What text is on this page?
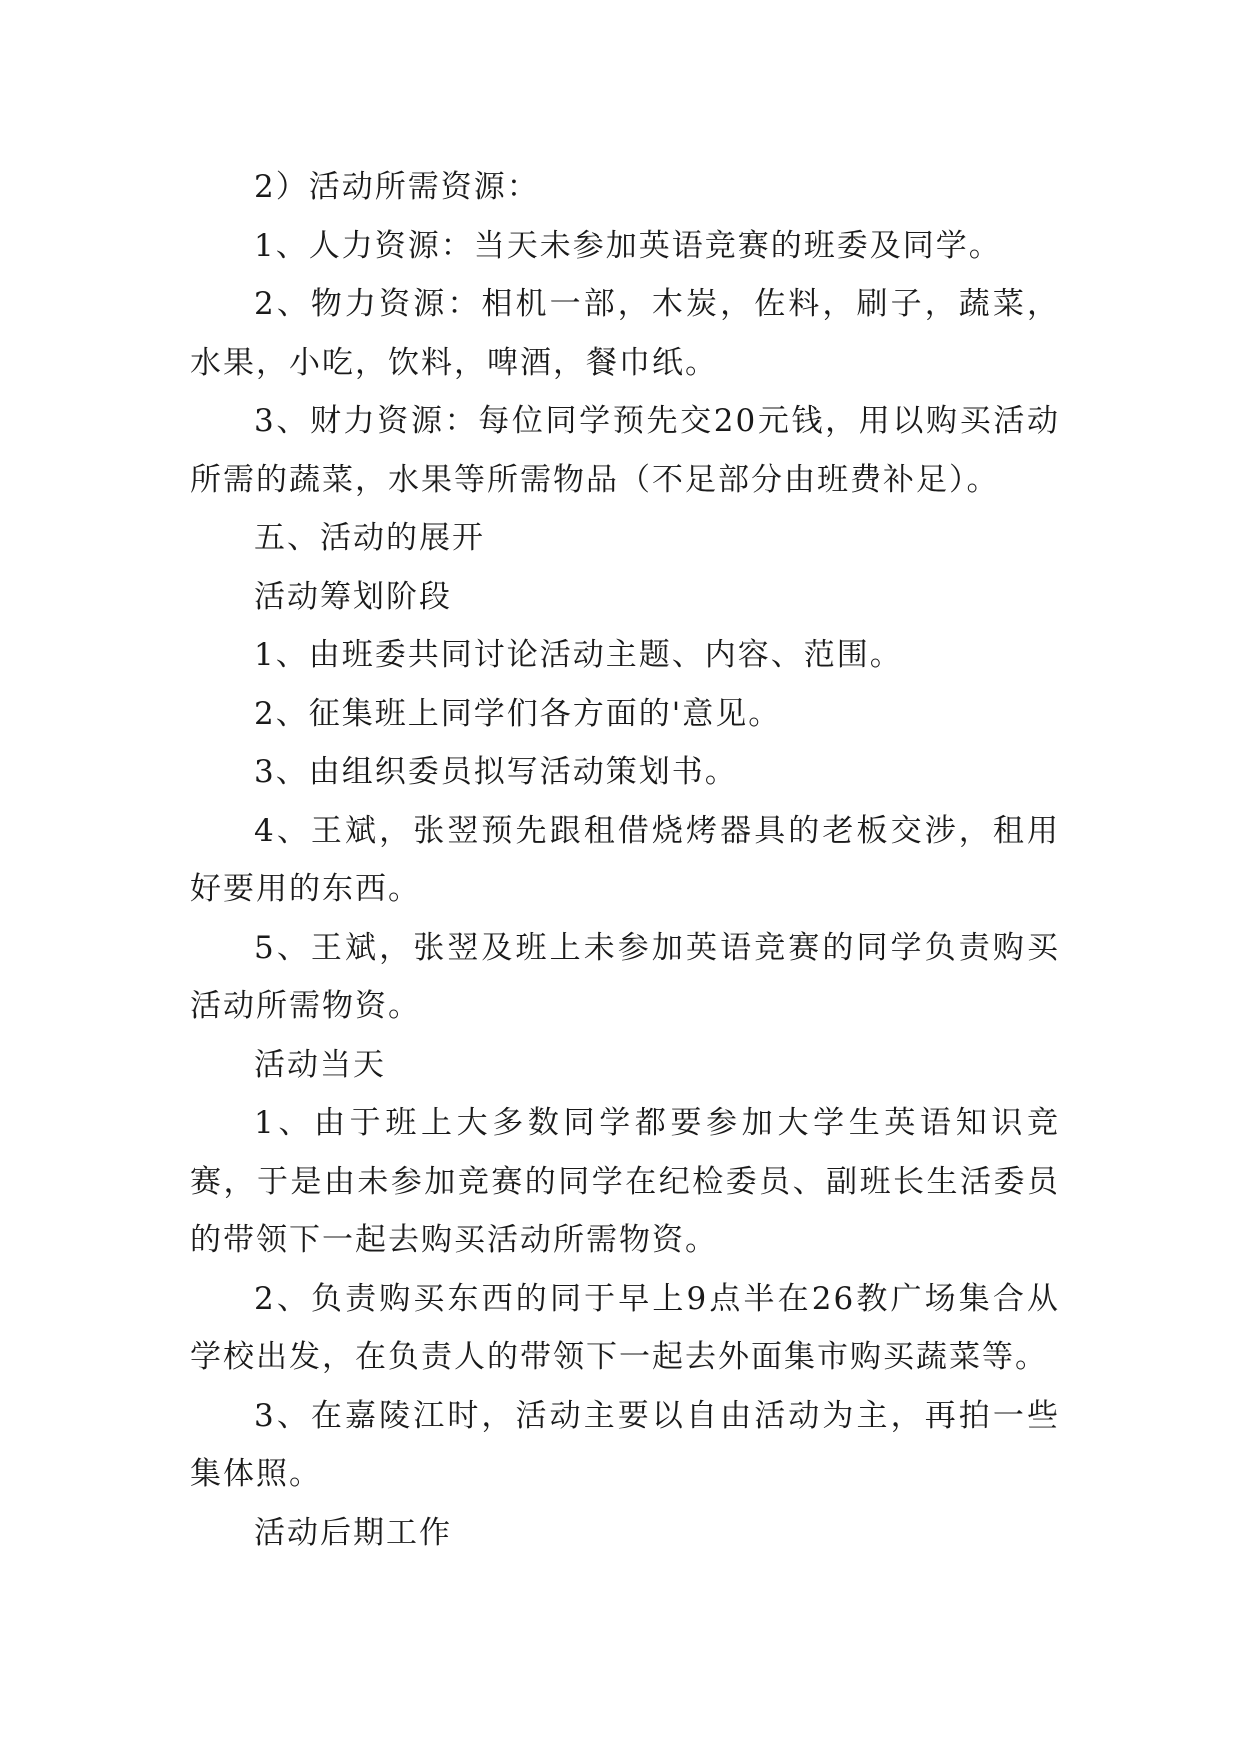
2）活动所需资源：

1、人力资源：当天未参加英语竞赛的班委及同学。

2、物力资源：相机一部，木炭，佐料，刷子，蔬菜，水果，小吃，饮料，啤酒，餐巾纸。

3、财力资源：每位同学预先交20元钱，用以购买活动所需的蔬菜，水果等所需物品（不足部分由班费补足）。

五、活动的展开

活动筹划阶段

1、由班委共同讨论活动主题、内容、范围。

2、征集班上同学们各方面的'意见。

3、由组织委员拟写活动策划书。

4、王斌，张翌预先跟租借烧烤器具的老板交涉，租用好要用的东西。

5、王斌，张翌及班上未参加英语竞赛的同学负责购买活动所需物资。

活动当天

1、由于班上大多数同学都要参加大学生英语知识竞赛，于是由未参加竞赛的同学在纪检委员、副班长生活委员的带领下一起去购买活动所需物资。

2、负责购买东西的同于早上9点半在26教广场集合从学校出发，在负责人的带领下一起去外面集市购买蔬菜等。

3、在嘉陵江时，活动主要以自由活动为主，再拍一些集体照。

活动后期工作
